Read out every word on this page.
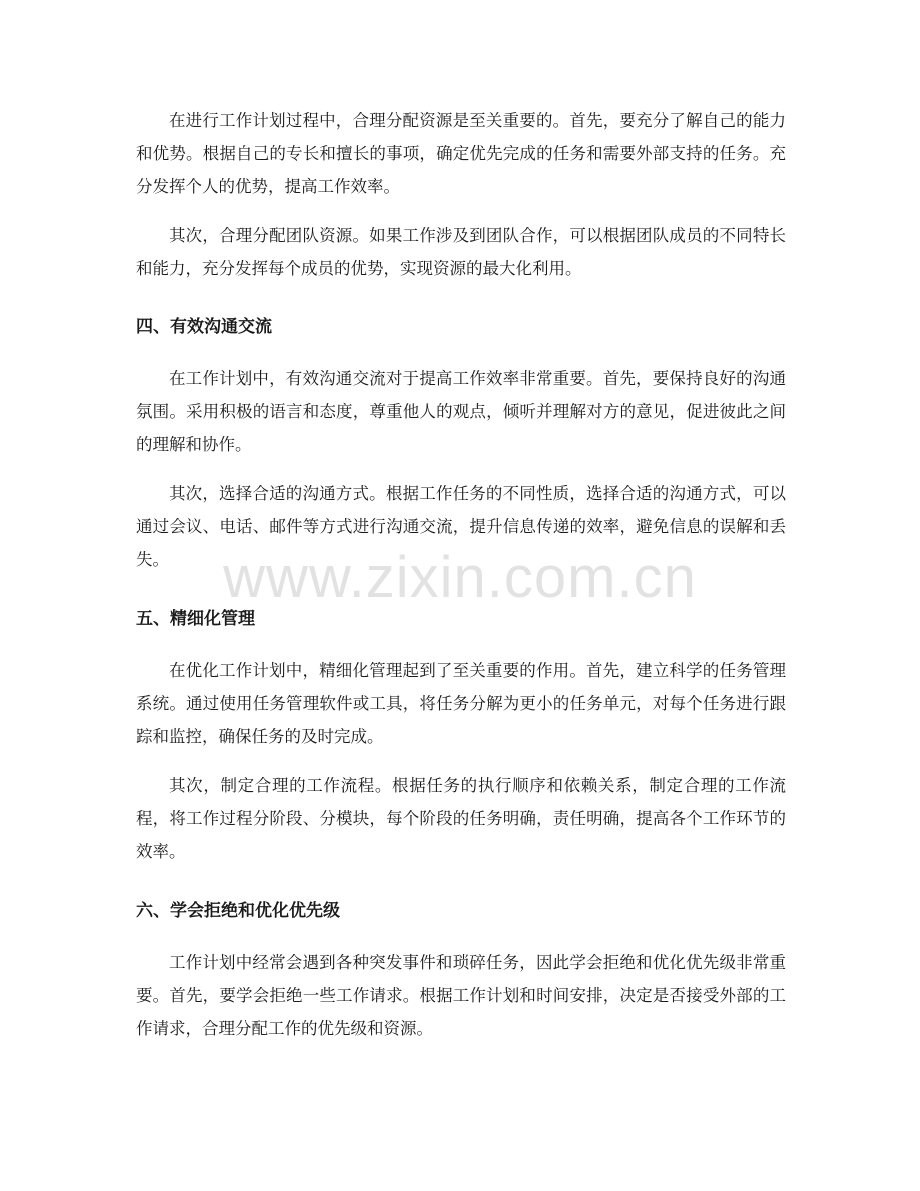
在进行工作计划过程中，合理分配资源是至关重要的。首先，要充分了解自己的能力和优势。根据自己的专长和擅长的事项，确定优先完成的任务和需要外部支持的任务。充分发挥个人的优势，提高工作效率。

其次，合理分配团队资源。如果工作涉及到团队合作，可以根据团队成员的不同特长和能力，充分发挥每个成员的优势，实现资源的最大化利用。

四、有效沟通交流

在工作计划中，有效沟通交流对于提高工作效率非常重要。首先，要保持良好的沟通氛围。采用积极的语言和态度，尊重他人的观点，倾听并理解对方的意见，促进彼此之间的理解和协作。

其次，选择合适的沟通方式。根据工作任务的不同性质，选择合适的沟通方式，可以通过会议、电话、邮件等方式进行沟通交流，提升信息传递的效率，避免信息的误解和丢失。

五、精细化管理

在优化工作计划中，精细化管理起到了至关重要的作用。首先，建立科学的任务管理系统。通过使用任务管理软件或工具，将任务分解为更小的任务单元，对每个任务进行跟踪和监控，确保任务的及时完成。

其次，制定合理的工作流程。根据任务的执行顺序和依赖关系，制定合理的工作流程，将工作过程分阶段、分模块，每个阶段的任务明确，责任明确，提高各个工作环节的效率。

六、学会拒绝和优化优先级

工作计划中经常会遇到各种突发事件和琐碎任务，因此学会拒绝和优化优先级非常重要。首先，要学会拒绝一些工作请求。根据工作计划和时间安排，决定是否接受外部的工作请求，合理分配工作的优先级和资源。

www.zixin.com.cn
